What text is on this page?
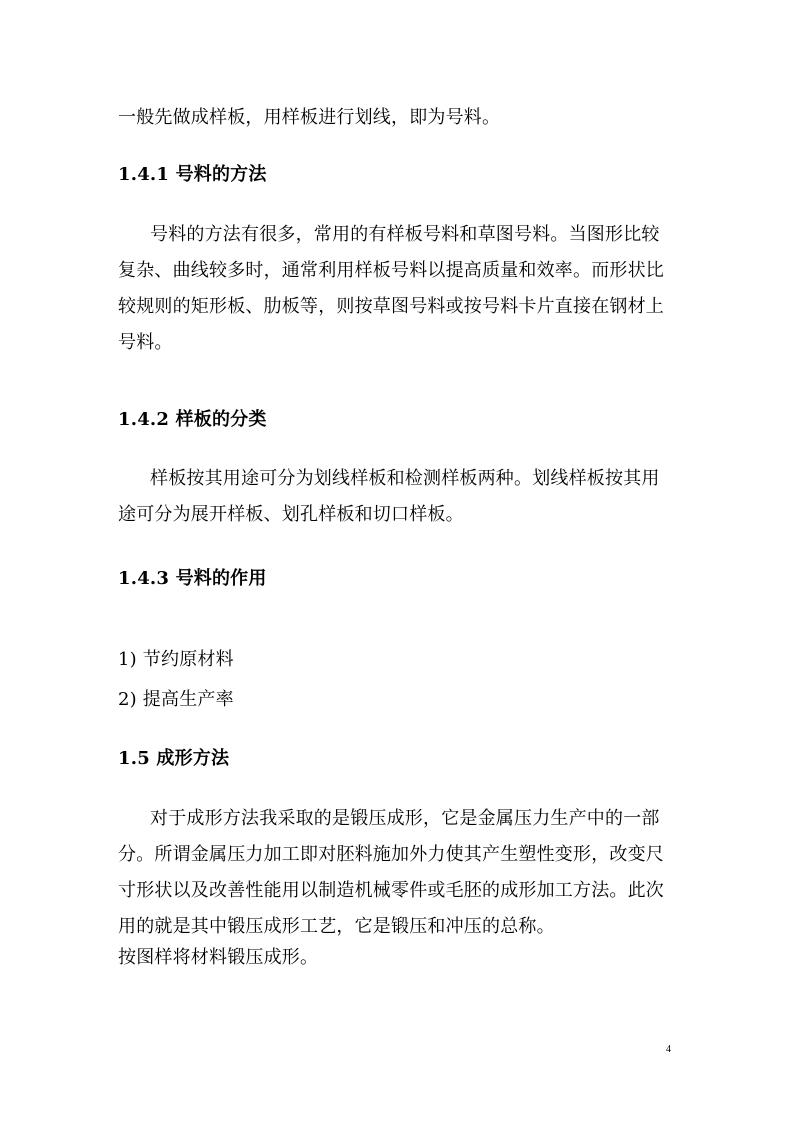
一般先做成样板，用样板进行划线，即为号料。
1.4.1 号料的方法
号料的方法有很多，常用的有样板号料和草图号料。当图形比较
复杂、曲线较多时，通常利用样板号料以提高质量和效率。而形状比
较规则的矩形板、肋板等，则按草图号料或按号料卡片直接在钢材上
号料。
1.4.2 样板的分类
样板按其用途可分为划线样板和检测样板两种。划线样板按其用
途可分为展开样板、划孔样板和切口样板。
1.4.3 号料的作用
1) 节约原材料
2) 提高生产率
1.5 成形方法
对于成形方法我采取的是锻压成形，它是金属压力生产中的一部
分。所谓金属压力加工即对胚料施加外力使其产生塑性变形，改变尺
寸形状以及改善性能用以制造机械零件或毛胚的成形加工方法。此次
用的就是其中锻压成形工艺，它是锻压和冲压的总称。
按图样将材料锻压成形。
4
